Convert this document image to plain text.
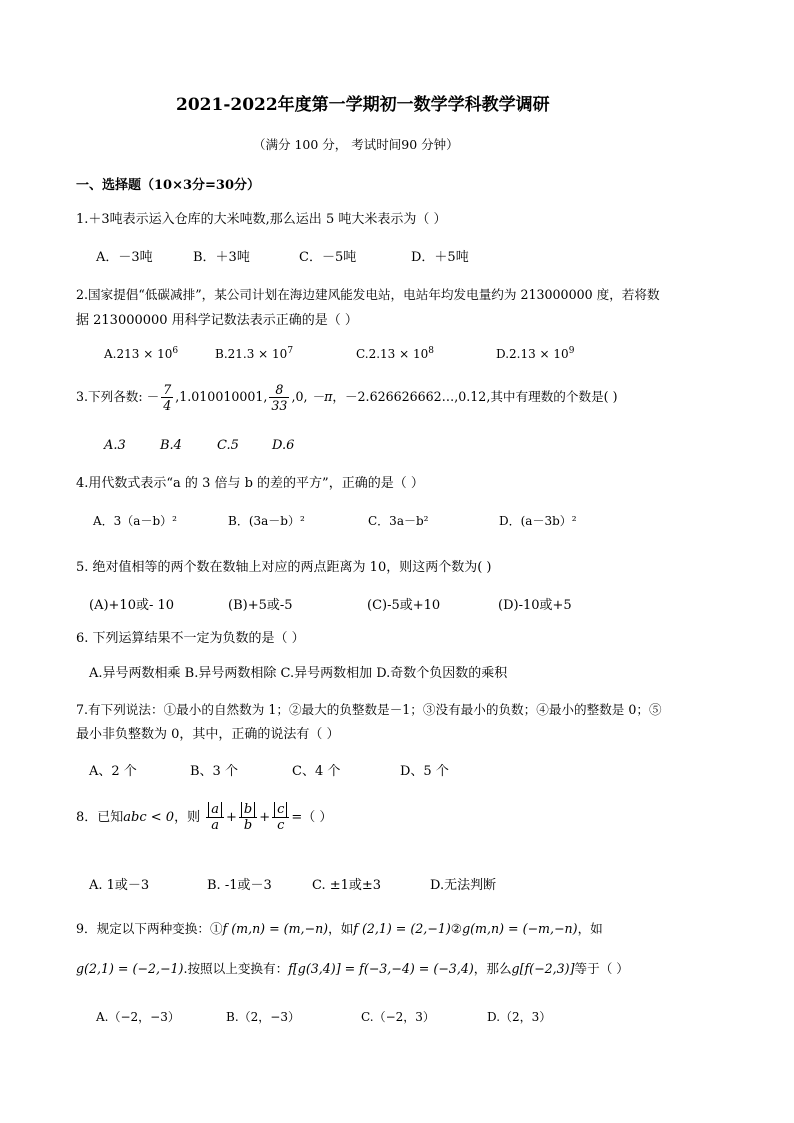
2021-2022年度第一学期初一数学学科教学调研
（满分 100 分， 考试时间90 分钟）
一、选择题（10×3分=30分）
1.＋3吨表示运入仓库的大米吨数,那么运出 5 吨大米表示为（ ）
A．－3吨	B．＋3吨	C．－5吨	D．＋5吨
2.国家提倡“低碳减排”，某公司计划在海边建风能发电站，电站年均发电量约为 213000000 度，若将数
据 213000000 用科学记数法表示正确的是（ ）
$A.213 \times 10^6$	$B.21.3 \times 10^7$	$C.2.13 \times 10^8$	$D.2.13 \times 10^9$
3.下列各数: － $\frac{7}{4} ,1.010010001$, $\frac{8}{33} ,0$, －π，－2.626626662…,0.12,其中有理数的个数是( )
A.3	B.4	C.5	D.6
4.用代数式表示“a 的 3 倍与 b 的差的平方”，正确的是（ ）
A．3（a－b）²	B．(3a－b）²	C．3a－b²	D．(a－3b）²
5. 绝对值相等的两个数在数轴上对应的两点距离为 10，则这两个数为( )
(A)+10或- 10	(B)+5或-5	(C)-5或+10	(D)-10或+5
6. 下列运算结果不一定为负数的是（ ）
A.异号两数相乘 B.异号两数相除 C.异号两数相加 D.奇数个负因数的乘积
7.有下列说法：①最小的自然数为 1；②最大的负整数是－1；③没有最小的负数；④最小的整数是 0；⑤
最小非负整数为 0，其中，正确的说法有（ ）
A、2 个	B、3 个	C、4 个	D、5 个
8．已知abc < 0，则 $\frac{a}{a} + \frac{b}{b} + \frac{c}{c}$ =（ ）
A. 1或－3	B. -1或－3	C. ±1或±3	D.无法判断
9．规定以下两种变换：①f (m,n) = (m,−n)，如f (2,1) = (2,−1)②g(m,n) = (−m,−n)，如
g(2,1) = (−2,−1).按照以上变换有：f[g(3,4)] = f(−3,−4) = (−3,4)，那么g[f(−2,3)]等于（ ）
A.（−2，−3）	B.（2，−3）	C.（−2，3）	D.（2，3）
